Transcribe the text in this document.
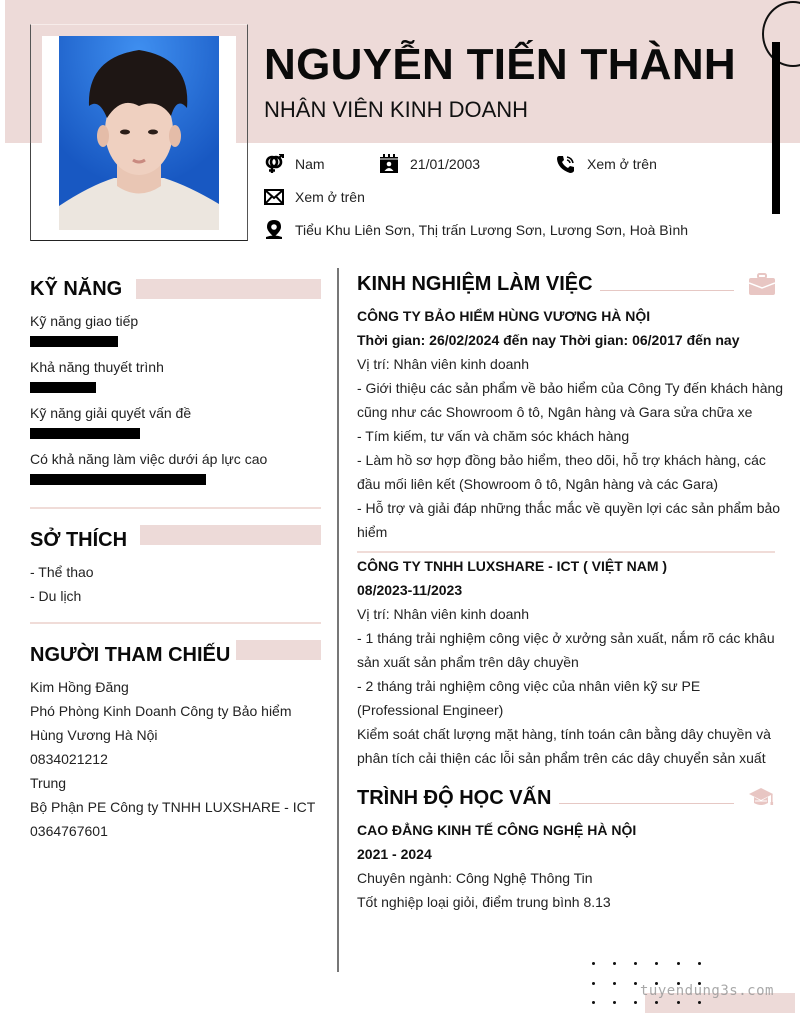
NGUYỄN TIẾN THÀNH
NHÂN VIÊN KINH DOANH
Nam	21/01/2003	Xem ở trên
Xem ở trên
Tiểu Khu Liên Sơn, Thị trấn Lương Sơn, Lương Sơn, Hoà Bình
KỸ NĂNG
Kỹ năng giao tiếp
Khả năng thuyết trình
Kỹ năng giải quyết vấn đề
Có khả năng làm việc dưới áp lực cao
SỞ THÍCH
- Thể thao
- Du lịch
NGƯỜI THAM CHIẾU
Kim Hồng Đăng
Phó Phòng Kinh Doanh Công ty Bảo hiểm
Hùng Vương Hà Nội
0834021212
Trung
Bộ Phận PE Công ty TNHH LUXSHARE - ICT
0364767601
KINH NGHIỆM LÀM VIỆC
CÔNG TY BẢO HIỂM HÙNG VƯƠNG HÀ NỘI
Thời gian: 26/02/2024 đến nay Thời gian: 06/2017 đến nay
Vị trí: Nhân viên kinh doanh
- Giới thiệu các sản phẩm về bảo hiểm của Công Ty đến khách hàng
cũng như các Showroom ô tô, Ngân hàng và Gara sửa chữa xe
- Tím kiếm, tư vấn và chăm sóc khách hàng
- Làm hồ sơ hợp đồng bảo hiểm, theo dõi, hỗ trợ khách hàng, các
đầu mối liên kết (Showroom ô tô, Ngân hàng và các Gara)
- Hỗ trợ và giải đáp những thắc mắc về quyền lợi các sản phẩm bảo
hiểm
CÔNG TY TNHH LUXSHARE - ICT ( VIỆT NAM )
08/2023-11/2023
Vị trí: Nhân viên kinh doanh
- 1 tháng trải nghiệm công việc ở xưởng sản xuất, nắm rõ các khâu
sản xuất sản phẩm trên dây chuyền
- 2 tháng trải nghiệm công việc của nhân viên kỹ sư PE
(Professional Engineer)
Kiểm soát chất lượng mặt hàng, tính toán cân bằng dây chuyền và
phân tích cải thiện các lỗi sản phẩm trên các dây chuyển sản xuất
TRÌNH ĐỘ HỌC VẤN
CAO ĐẲNG KINH TẾ CÔNG NGHỆ HÀ NỘI
2021 - 2024
Chuyên ngành: Công Nghệ Thông Tin
Tốt nghiệp loại giỏi, điểm trung bình 8.13
tuyendung3s.com
